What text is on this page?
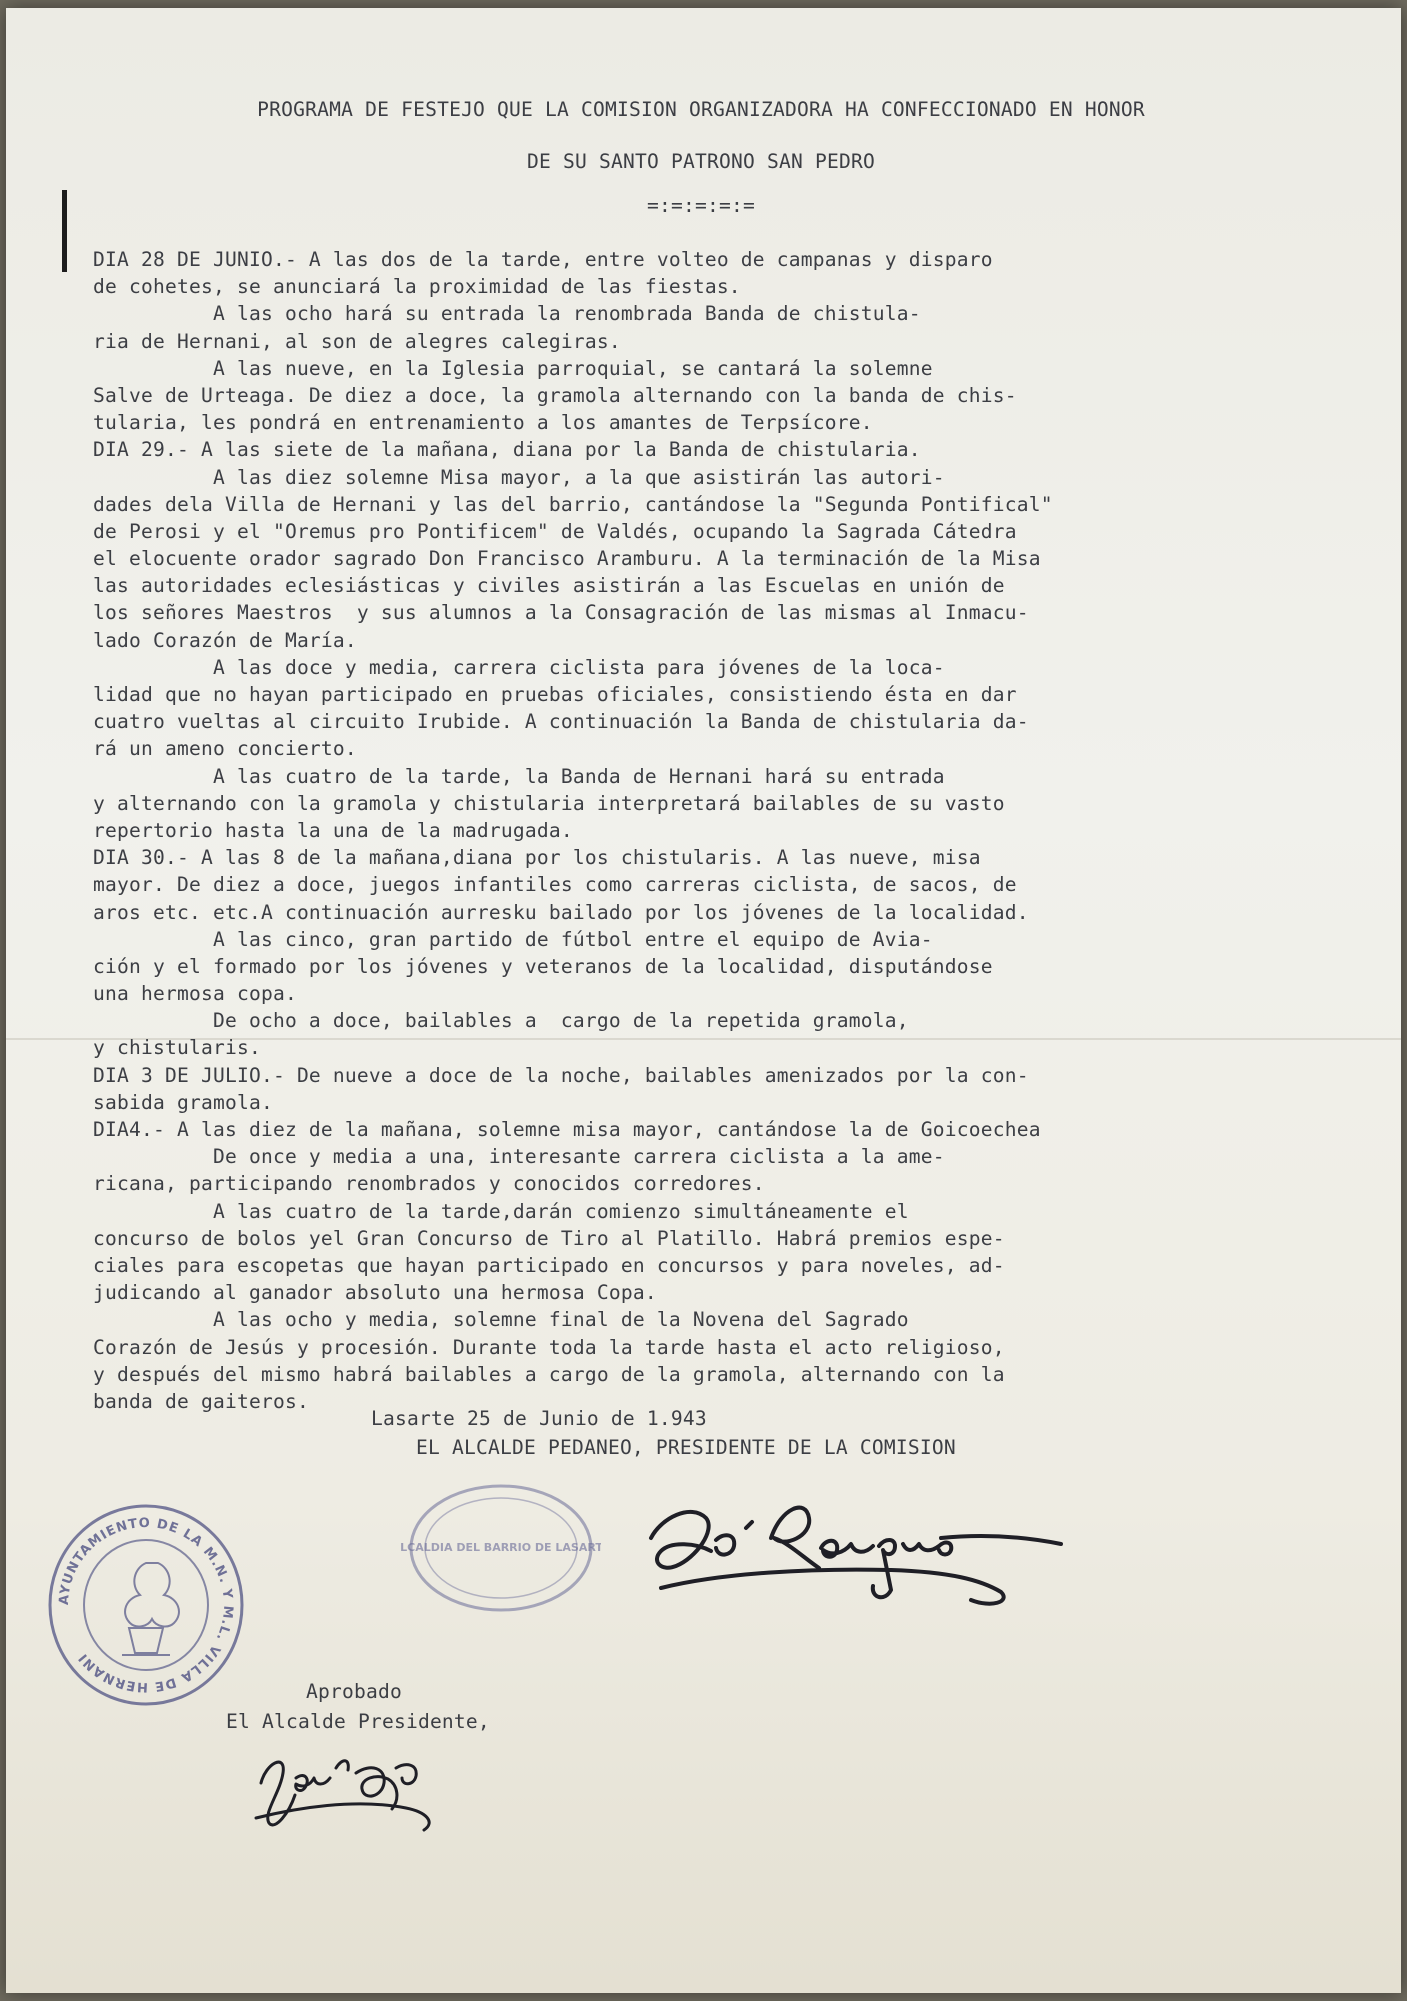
PROGRAMA DE FESTEJO QUE LA COMISION ORGANIZADORA HA CONFECCIONADO EN HONOR
DE SU SANTO PATRONO SAN PEDRO
=:=:=:=:=
DIA 28 DE JUNIO.- A las dos de la tarde, entre volteo de campanas y disparo
de cohetes, se anunciará la proximidad de las fiestas.
A las ocho hará su entrada la renombrada Banda de chistula-
ria de Hernani, al son de alegres calegiras.
A las nueve, en la Iglesia parroquial, se cantará la solemne
Salve de Urteaga. De diez a doce, la gramola alternando con la banda de chis-
tularia, les pondrá en entrenamiento a los amantes de Terpsícore.
DIA 29.- A las siete de la mañana, diana por la Banda de chistularia.
A las diez solemne Misa mayor, a la que asistirán las autori-
dades dela Villa de Hernani y las del barrio, cantándose la "Segunda Pontifical"
de Perosi y el "Oremus pro Pontificem" de Valdés, ocupando la Sagrada Cátedra
el elocuente orador sagrado Don Francisco Aramburu. A la terminación de la Misa
las autoridades eclesiásticas y civiles asistirán a las Escuelas en unión de
los señores Maestros  y sus alumnos a la Consagración de las mismas al Inmacu-
lado Corazón de María.
A las doce y media, carrera ciclista para jóvenes de la loca-
lidad que no hayan participado en pruebas oficiales, consistiendo ésta en dar
cuatro vueltas al circuito Irubide. A continuación la Banda de chistularia da-
rá un ameno concierto.
A las cuatro de la tarde, la Banda de Hernani hará su entrada
y alternando con la gramola y chistularia interpretará bailables de su vasto
repertorio hasta la una de la madrugada.
DIA 30.- A las 8 de la mañana,diana por los chistularis. A las nueve, misa
mayor. De diez a doce, juegos infantiles como carreras ciclista, de sacos, de
aros etc. etc.A continuación aurresku bailado por los jóvenes de la localidad.
A las cinco, gran partido de fútbol entre el equipo de Avia-
ción y el formado por los jóvenes y veteranos de la localidad, disputándose
una hermosa copa.
De ocho a doce, bailables a  cargo de la repetida gramola,
y chistularis.
DIA 3 DE JULIO.- De nueve a doce de la noche, bailables amenizados por la con-
sabida gramola.
DIA4.- A las diez de la mañana, solemne misa mayor, cantándose la de Goicoechea
De once y media a una, interesante carrera ciclista a la ame-
ricana, participando renombrados y conocidos corredores.
A las cuatro de la tarde,darán comienzo simultáneamente el
concurso de bolos yel Gran Concurso de Tiro al Platillo. Habrá premios espe-
ciales para escopetas que hayan participado en concursos y para noveles, ad-
judicando al ganador absoluto una hermosa Copa.
A las ocho y media, solemne final de la Novena del Sagrado
Corazón de Jesús y procesión. Durante toda la tarde hasta el acto religioso,
y después del mismo habrá bailables a cargo de la gramola, alternando con la
banda de gaiteros.
Lasarte 25 de Junio de 1.943
EL ALCALDE PEDANEO, PRESIDENTE DE LA COMISION
AYUNTAMIENTO DE LA M.N. Y M.L. VILLA DE HERNANI
ALCALDIA DEL BARRIO DE LASARTE
Aprobado
El Alcalde Presidente,
